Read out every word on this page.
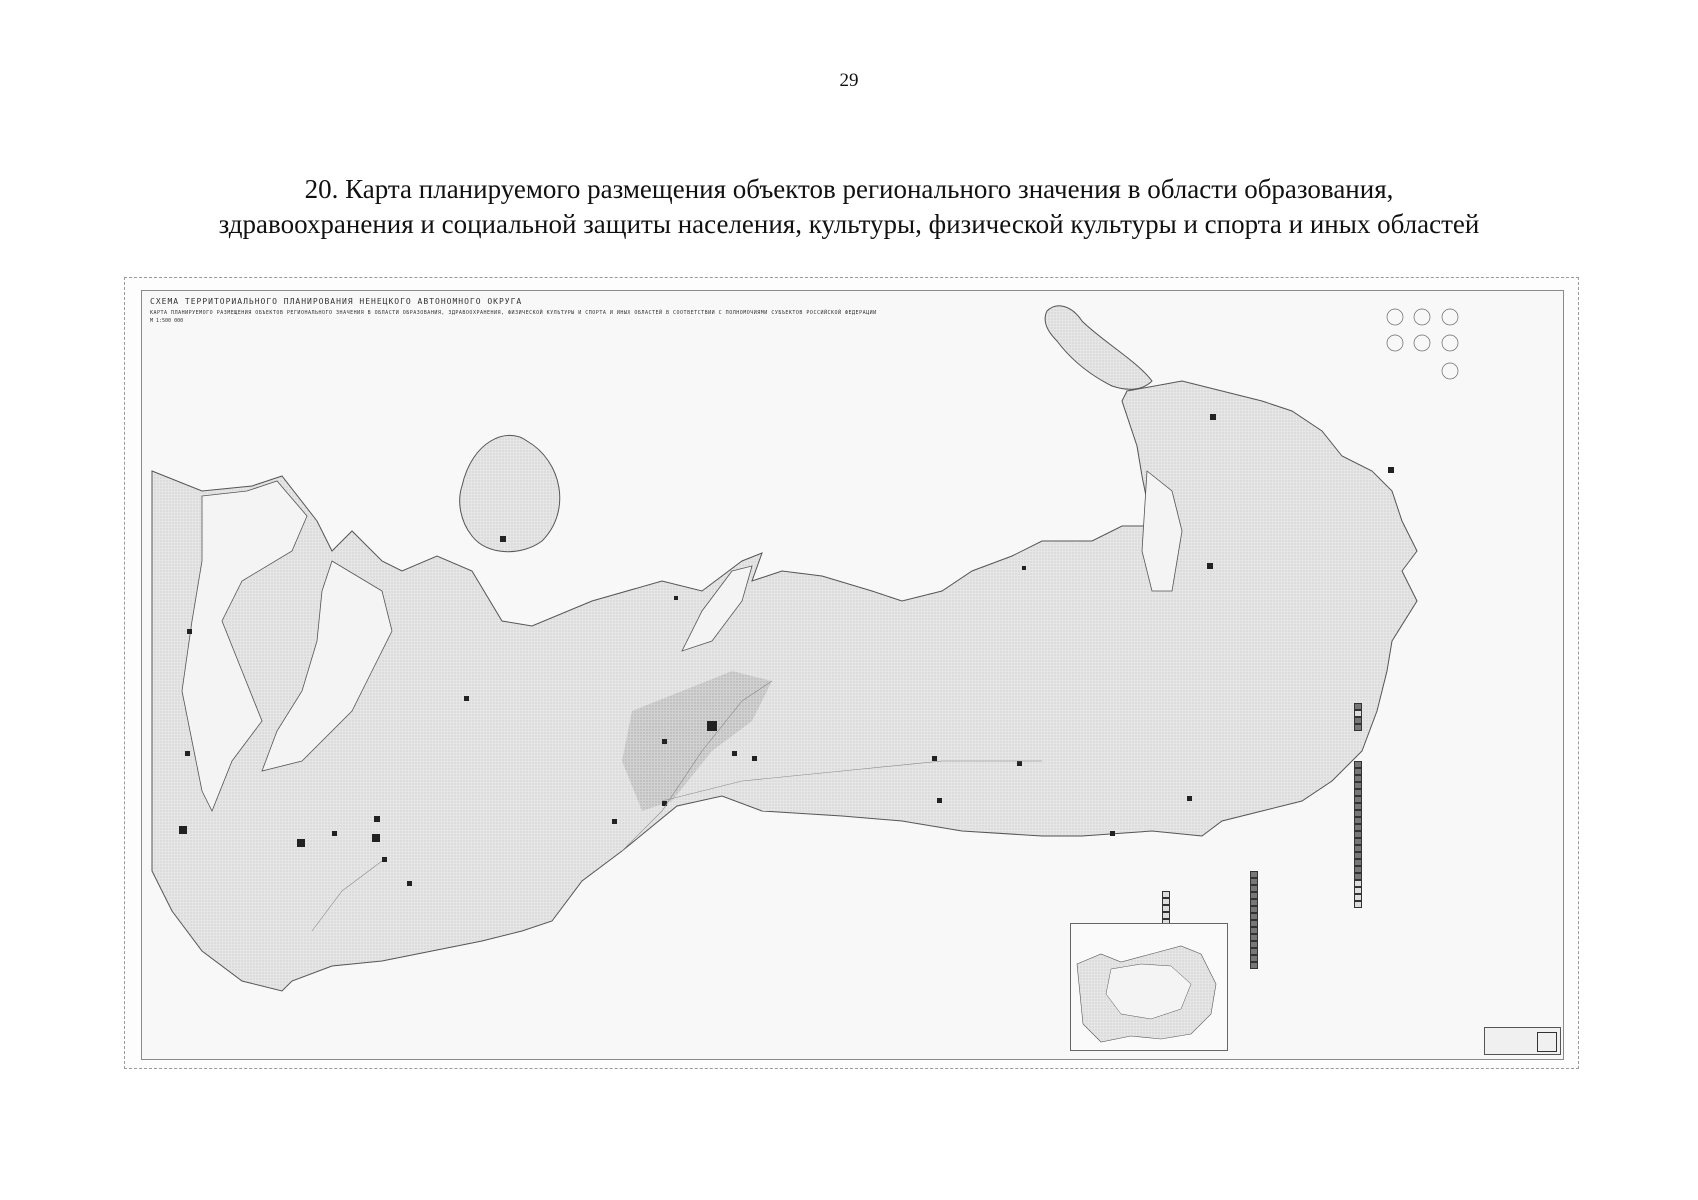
29
20. Карта планируемого размещения объектов регионального значения в области образования,
здравоохранения и социальной защиты населения, культуры, физической культуры и спорта и иных областей
СХЕМА ТЕРРИТОРИАЛЬНОГО ПЛАНИРОВАНИЯ НЕНЕЦКОГО АВТОНОМНОГО ОКРУГА
КАРТА ПЛАНИРУЕМОГО РАЗМЕЩЕНИЯ ОБЪЕКТОВ РЕГИОНАЛЬНОГО ЗНАЧЕНИЯ В ОБЛАСТИ ОБРАЗОВАНИЯ, ЗДРАВООХРАНЕНИЯ, ФИЗИЧЕСКОЙ КУЛЬТУРЫ И СПОРТА И ИНЫХ ОБЛАСТЕЙ В СООТВЕТСТВИИ С ПОЛНОМОЧИЯМИ СУБЪЕКТОВ РОССИЙСКОЙ ФЕДЕРАЦИИ
М 1:500 000
